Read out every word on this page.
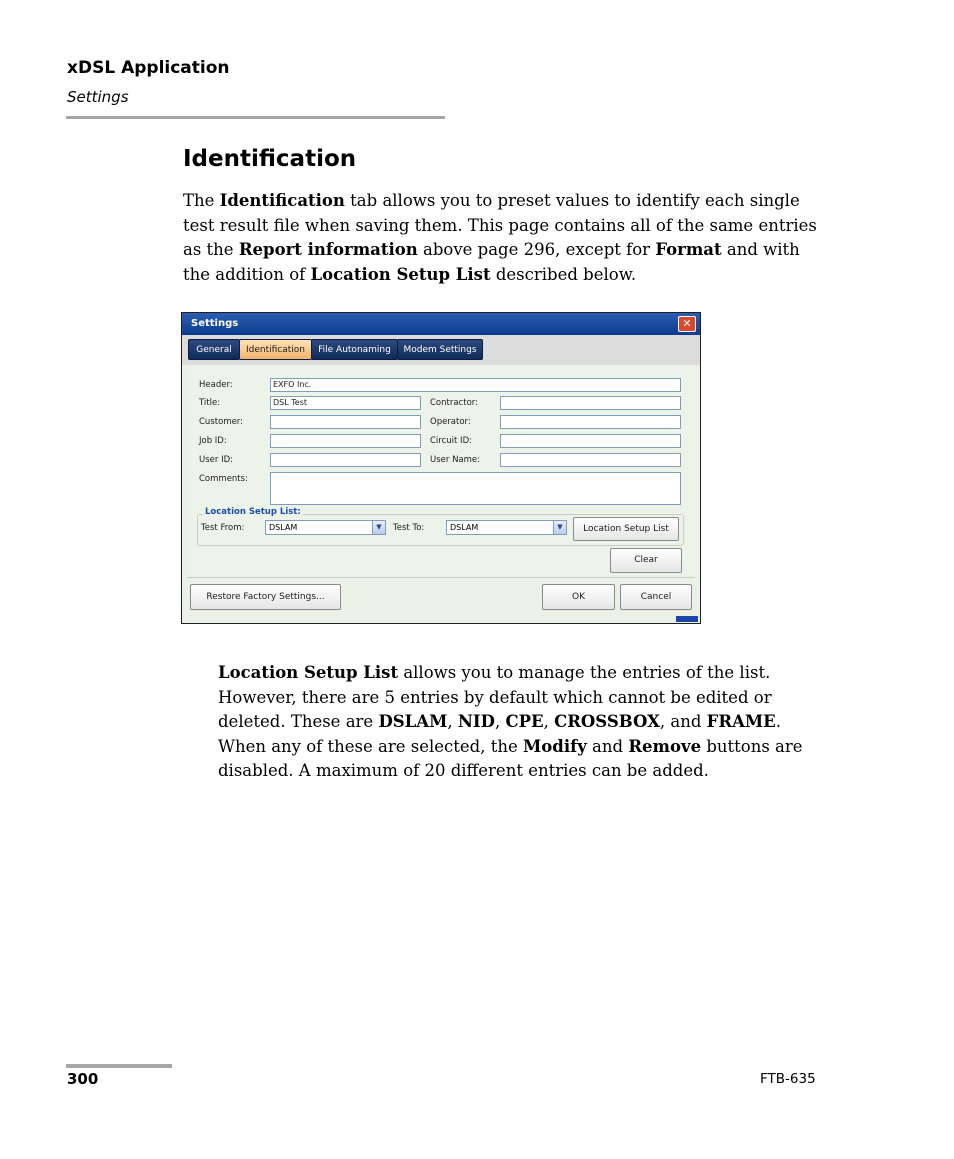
xDSL Application
Settings
Identification
The Identification tab allows you to preset values to identify each single test result file when saving them. This page contains all of the same entries as the Report information above page 296, except for Format and with the addition of Location Setup List described below.
Settings	✕
General	Identification	File Autonaming	Modem Settings
Header:	EXFO Inc.
Title:	DSL Test	Contractor:
Customer:	Operator:
Job ID:	Circuit ID:
User ID:	User Name:
Comments:
Location Setup List:
Test From:	DSLAM	▼	Test To:	DSLAM	▼	Location Setup List
Clear
Restore Factory Settings...	OK	Cancel
Location Setup List allows you to manage the entries of the list. However, there are 5 entries by default which cannot be edited or deleted. These are DSLAM, NID, CPE, CROSSBOX, and FRAME. When any of these are selected, the Modify and Remove buttons are disabled. A maximum of 20 different entries can be added.
300	FTB-635
